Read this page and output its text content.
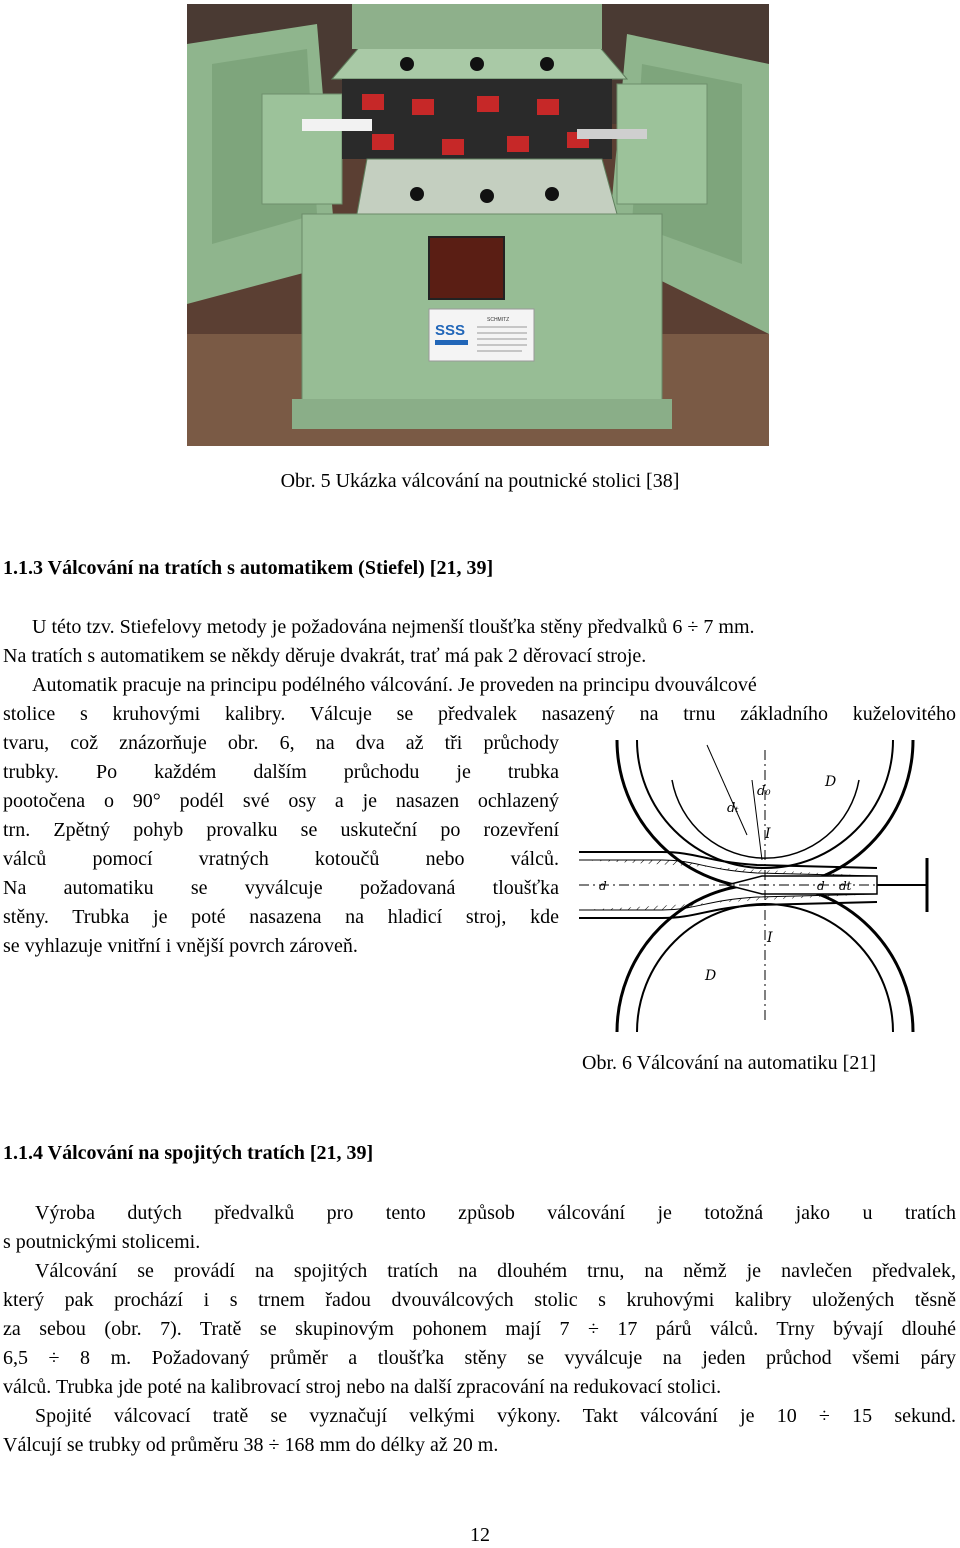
SSS
SCHMITZ
Obr. 5 Ukázka válcování na poutnické stolici [38]
1.1.3 Válcování na tratích s automatikem (Stiefel) [21, 39]
U této tzv. Stiefelovy metody je požadována nejmenší tloušťka stěny předvalků 6 ÷ 7 mm.
Na tratích s automatikem se někdy děruje dvakrát, trať má pak 2 děrovací stroje.
Automatik pracuje na principu podélného válcování. Je proveden na principu dvouválcové
stolice s kruhovými kalibry. Válcuje se předvalek nasazený na trnu základního kuželovitého
tvaru, což znázorňuje obr. 6, na dva až tři průchody
trubky. Po každém dalším průchodu je trubka
pootočena o 90° podél své osy a je nasazen ochlazený
trn. Zpětný pohyb provalku se uskuteční po rozevření
válců pomocí vratných kotoučů nebo válců.
Na automatiku se vyválcuje požadovaná tloušťka
stěny. Trubka je poté nasazena na hladicí stroj, kde
se vyhlazuje vnitřní i vnější povrch zároveň.
D
d₀
dₜ
I
I
D
d	d dt
Obr. 6 Válcování na automatiku [21]
1.1.4 Válcování na spojitých tratích [21, 39]
Výroba dutých předvalků pro tento způsob válcování je totožná jako u tratích
s poutnickými stolicemi.
Válcování se provádí na spojitých tratích na dlouhém trnu, na němž je navlečen předvalek,
který pak prochází i s trnem řadou dvouválcových stolic s kruhovými kalibry uložených těsně
za sebou (obr. 7). Tratě se skupinovým pohonem mají 7 ÷ 17 párů válců. Trny bývají dlouhé
6,5 ÷ 8 m. Požadovaný průměr a tloušťka stěny se vyválcuje na jeden průchod všemi páry
válců. Trubka jde poté na kalibrovací stroj nebo na další zpracování na redukovací stolici.
Spojité válcovací tratě se vyznačují velkými výkony. Takt válcování je 10 ÷ 15 sekund.
Válcují se trubky od průměru 38 ÷ 168 mm do délky až 20 m.
12
